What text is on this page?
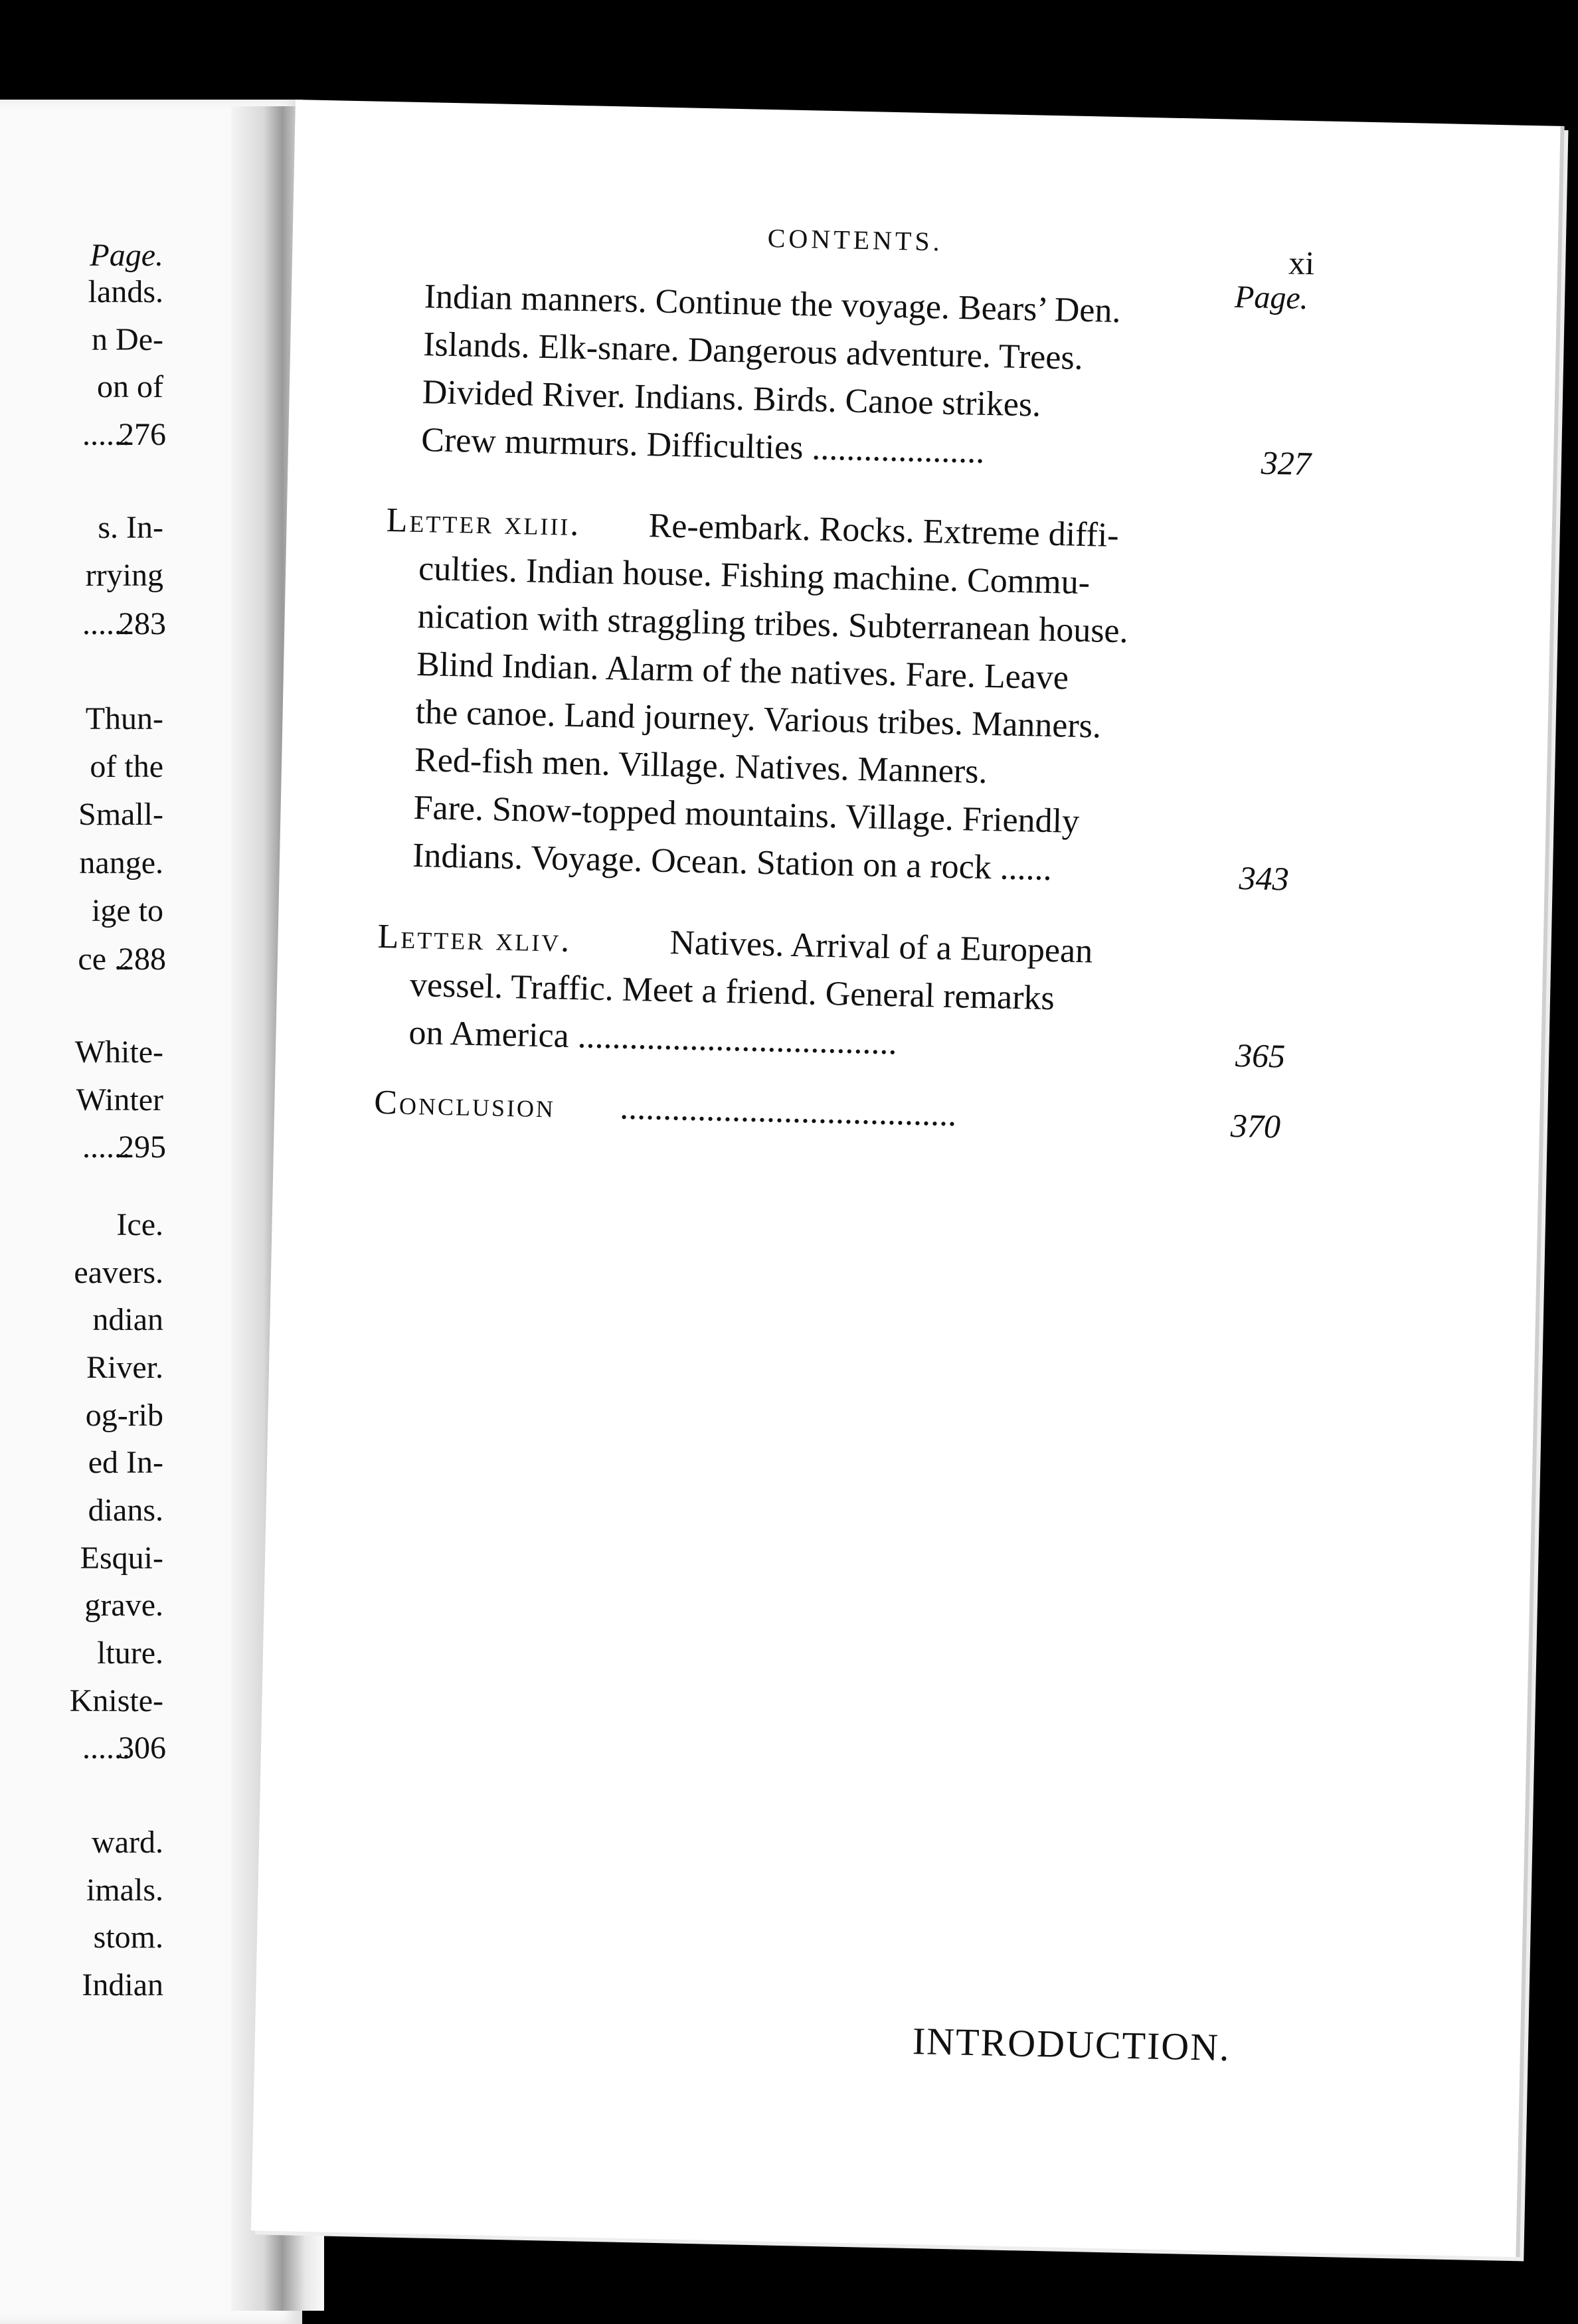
Page.
lands.
n De-
on of
......
276
s. In-
rrying
......
283
Thun-
of the
Small-
nange.
ige to
ce ..
288
White-
Winter
......
295
Ice.
eavers.
ndian
River.
og-rib
ed In-
dians.
Esqui-
grave.
lture.
Kniste-
......
306
ward.
imals.
stom.
Indian
CONTENTS.
xi
Page.
Indian manners. Continue the voyage. Bears’ Den.
Islands. Elk-snare. Dangerous adventure. Trees.
Divided River. Indians. Birds. Canoe strikes.
Crew murmurs. Difficulties ....................	327
Letter xliii. Re-embark. Rocks. Extreme diffi-
culties. Indian house. Fishing machine. Commu-
nication with straggling tribes. Subterranean house.
Blind Indian. Alarm of the natives. Fare. Leave
the canoe. Land journey. Various tribes. Manners.
Red-fish men. Village. Natives. Manners.
Fare. Snow-topped mountains. Village. Friendly
Indians. Voyage. Ocean. Station on a rock ......	343
Letter xliv.	Natives. Arrival of a European
vessel. Traffic. Meet a friend. General remarks
on America .....................................	365
Conclusion .......................................	370
INTRODUCTION.
